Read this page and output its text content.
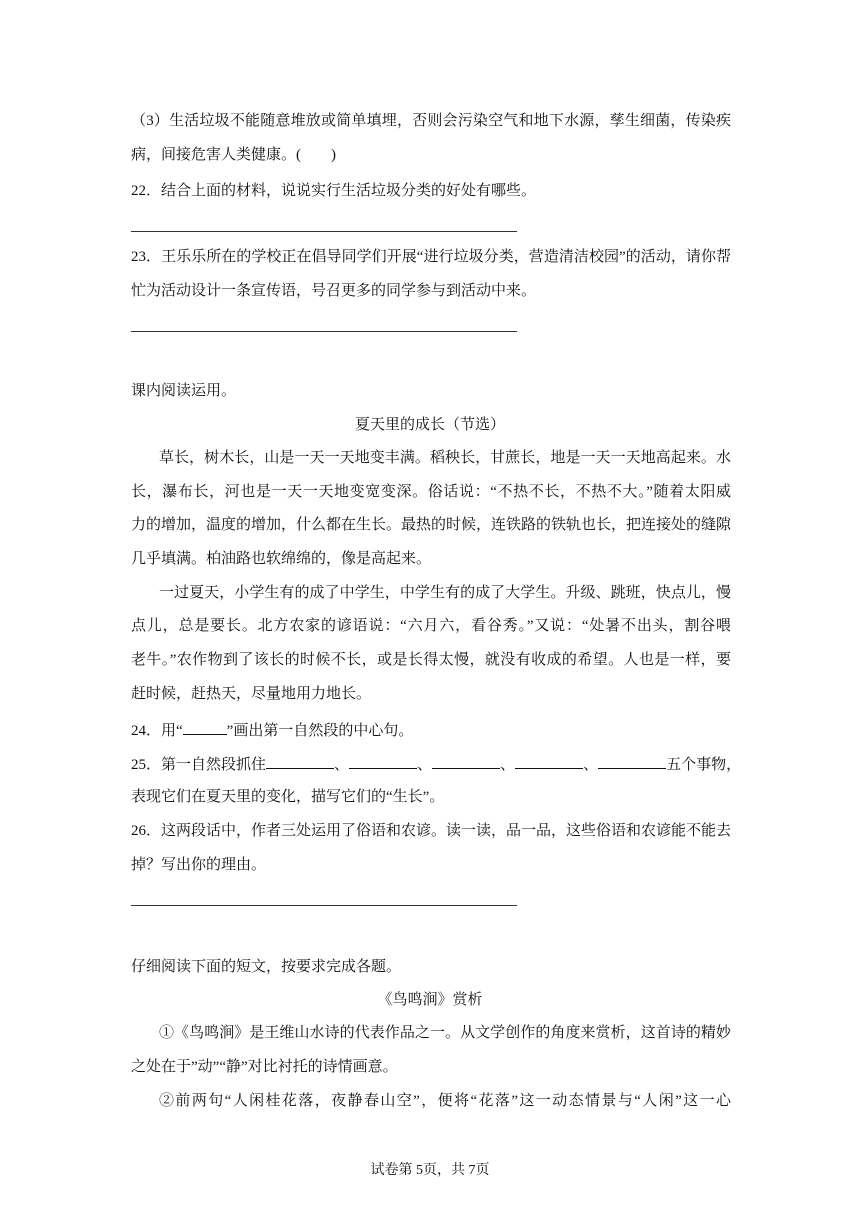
（3）生活垃圾不能随意堆放或简单填埋，否则会污染空气和地下水源，孳生细菌，传染疾
病，间接危害人类健康。(　　)
22．结合上面的材料，说说实行生活垃圾分类的好处有哪些。
23．王乐乐所在的学校正在倡导同学们开展“进行垃圾分类，营造清洁校园”的活动，请你帮
忙为活动设计一条宣传语，号召更多的同学参与到活动中来。
课内阅读运用。
夏天里的成长（节选）
草长，树木长，山是一天一天地变丰满。稻秧长，甘蔗长，地是一天一天地高起来。水
长，瀑布长，河也是一天一天地变宽变深。俗话说：“不热不长，不热不大。”随着太阳威
力的增加，温度的增加，什么都在生长。最热的时候，连铁路的铁轨也长，把连接处的缝隙
几乎填满。柏油路也软绵绵的，像是高起来。
一过夏天，小学生有的成了中学生，中学生有的成了大学生。升级、跳班，快点儿，慢
点儿，总是要长。北方农家的谚语说：“六月六，看谷秀。”又说：“处暑不出头，割谷喂
老牛。”农作物到了该长的时候不长，或是长得太慢，就没有收成的希望。人也是一样，要
赶时候，赶热天，尽量地用力地长。
24．用“	”画出第一自然段的中心句。
25．第一自然段抓住	、	、	、	、	五个事物，
表现它们在夏天里的变化，描写它们的“生长”。
26．这两段话中，作者三处运用了俗语和农谚。读一读，品一品，这些俗语和农谚能不能去
掉？写出你的理由。
仔细阅读下面的短文，按要求完成各题。
《鸟鸣涧》赏析
①《鸟鸣涧》是王维山水诗的代表作品之一。从文学创作的角度来赏析，这首诗的精妙
之处在于”动”“静”对比衬托的诗情画意。
②前两句“人闲桂花落，夜静春山空”，便将“花落”这一动态情景与“人闲”这一心
试卷第 5页，共 7页
